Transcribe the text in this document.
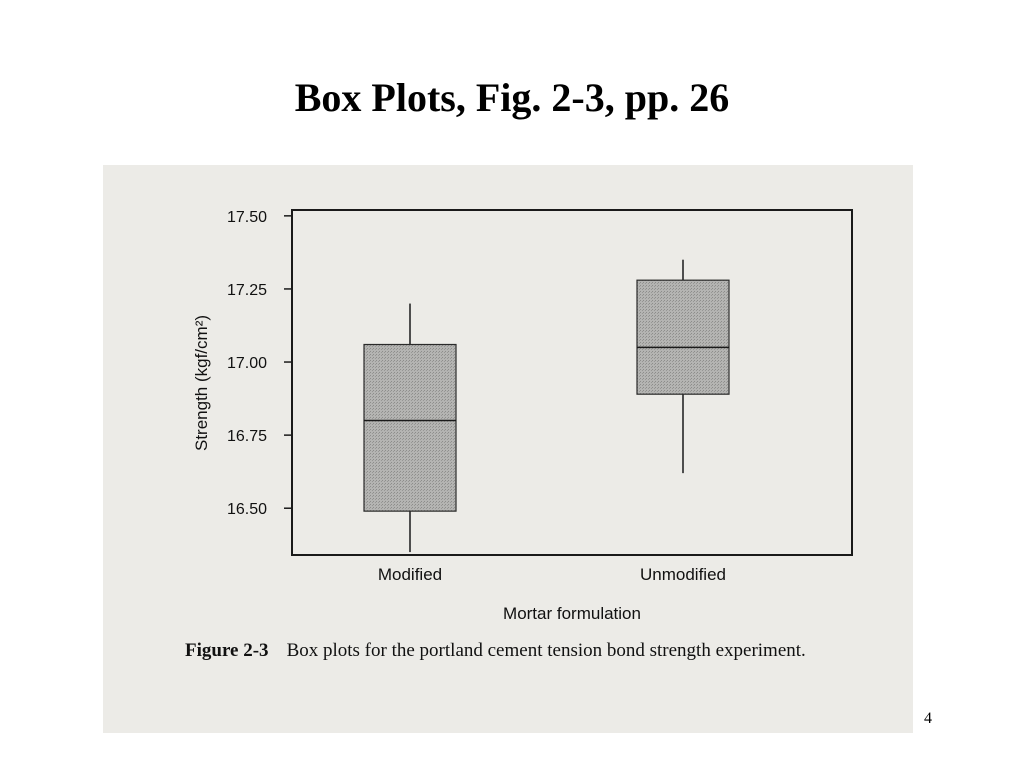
Box Plots, Fig. 2-3, pp. 26

17.50
17.25
17.00
16.75
16.50
Modified	Unmodified
Strength (kgf/cm²)
Mortar formulation
Figure 2-3 Box plots for the portland cement tension bond strength experiment.
4
